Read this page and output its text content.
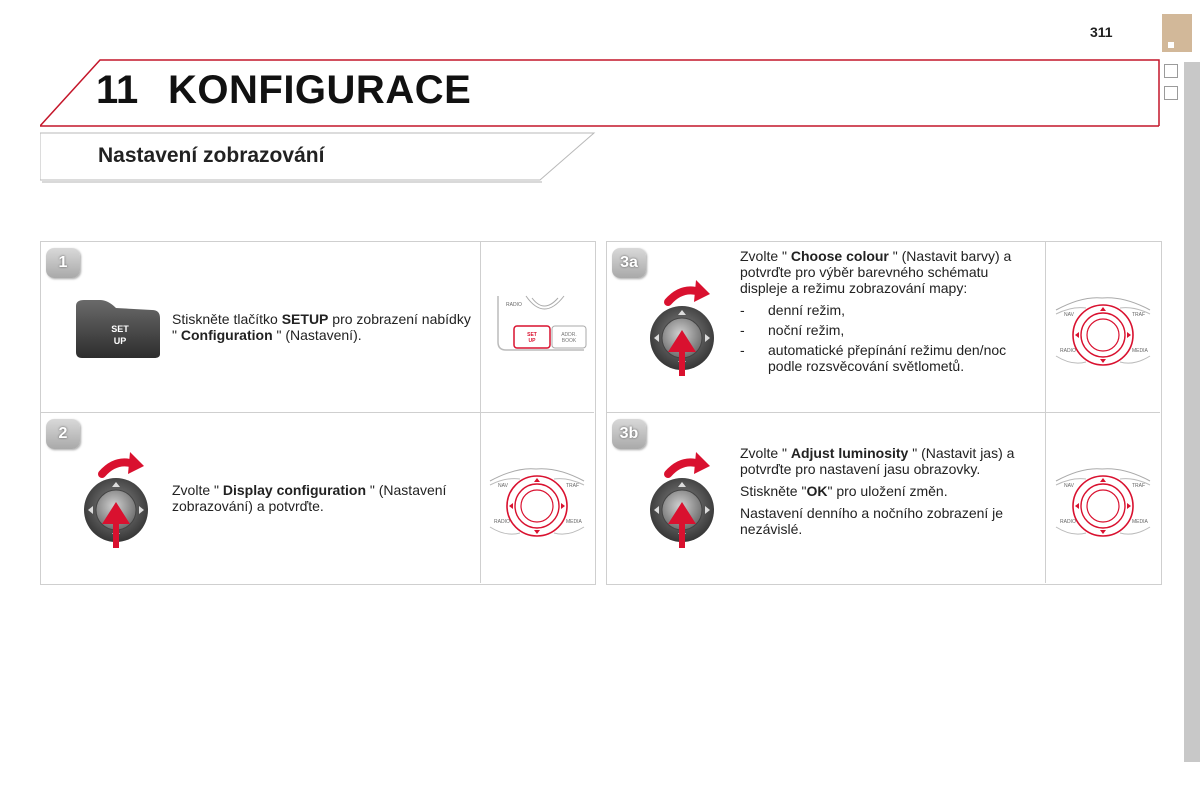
311
11 KONFIGURACE
Nastavení zobrazování
1
SET
UP
Stiskněte tlačítko SETUP pro zobrazení nabídky " Configuration " (Nastavení).
RADIO
SET
UP
ADDR.
BOOK
2
Zvolte " Display configuration " (Nastavení zobrazování) a potvrďte.
NAV	TRAF
RADIO	MEDIA
3a	Zvolte " Choose colour " (Nastavit barvy) a potvrďte pro výběr barevného schématu displeje a režimu zobrazování mapy:

-	denní režim,
-	noční režim,
-	automatické přepínání režimu den/noc podle rozsvěcování světlometů.
NAV	TRAF
RADIO	MEDIA
3b

Zvolte " Adjust luminosity " (Nastavit jas) a potvrďte pro nastavení jasu obrazovky.

Stiskněte "OK" pro uložení změn.

Nastavení denního a nočního zobrazení je nezávislé.

NAV	TRAF
RADIO	MEDIA
